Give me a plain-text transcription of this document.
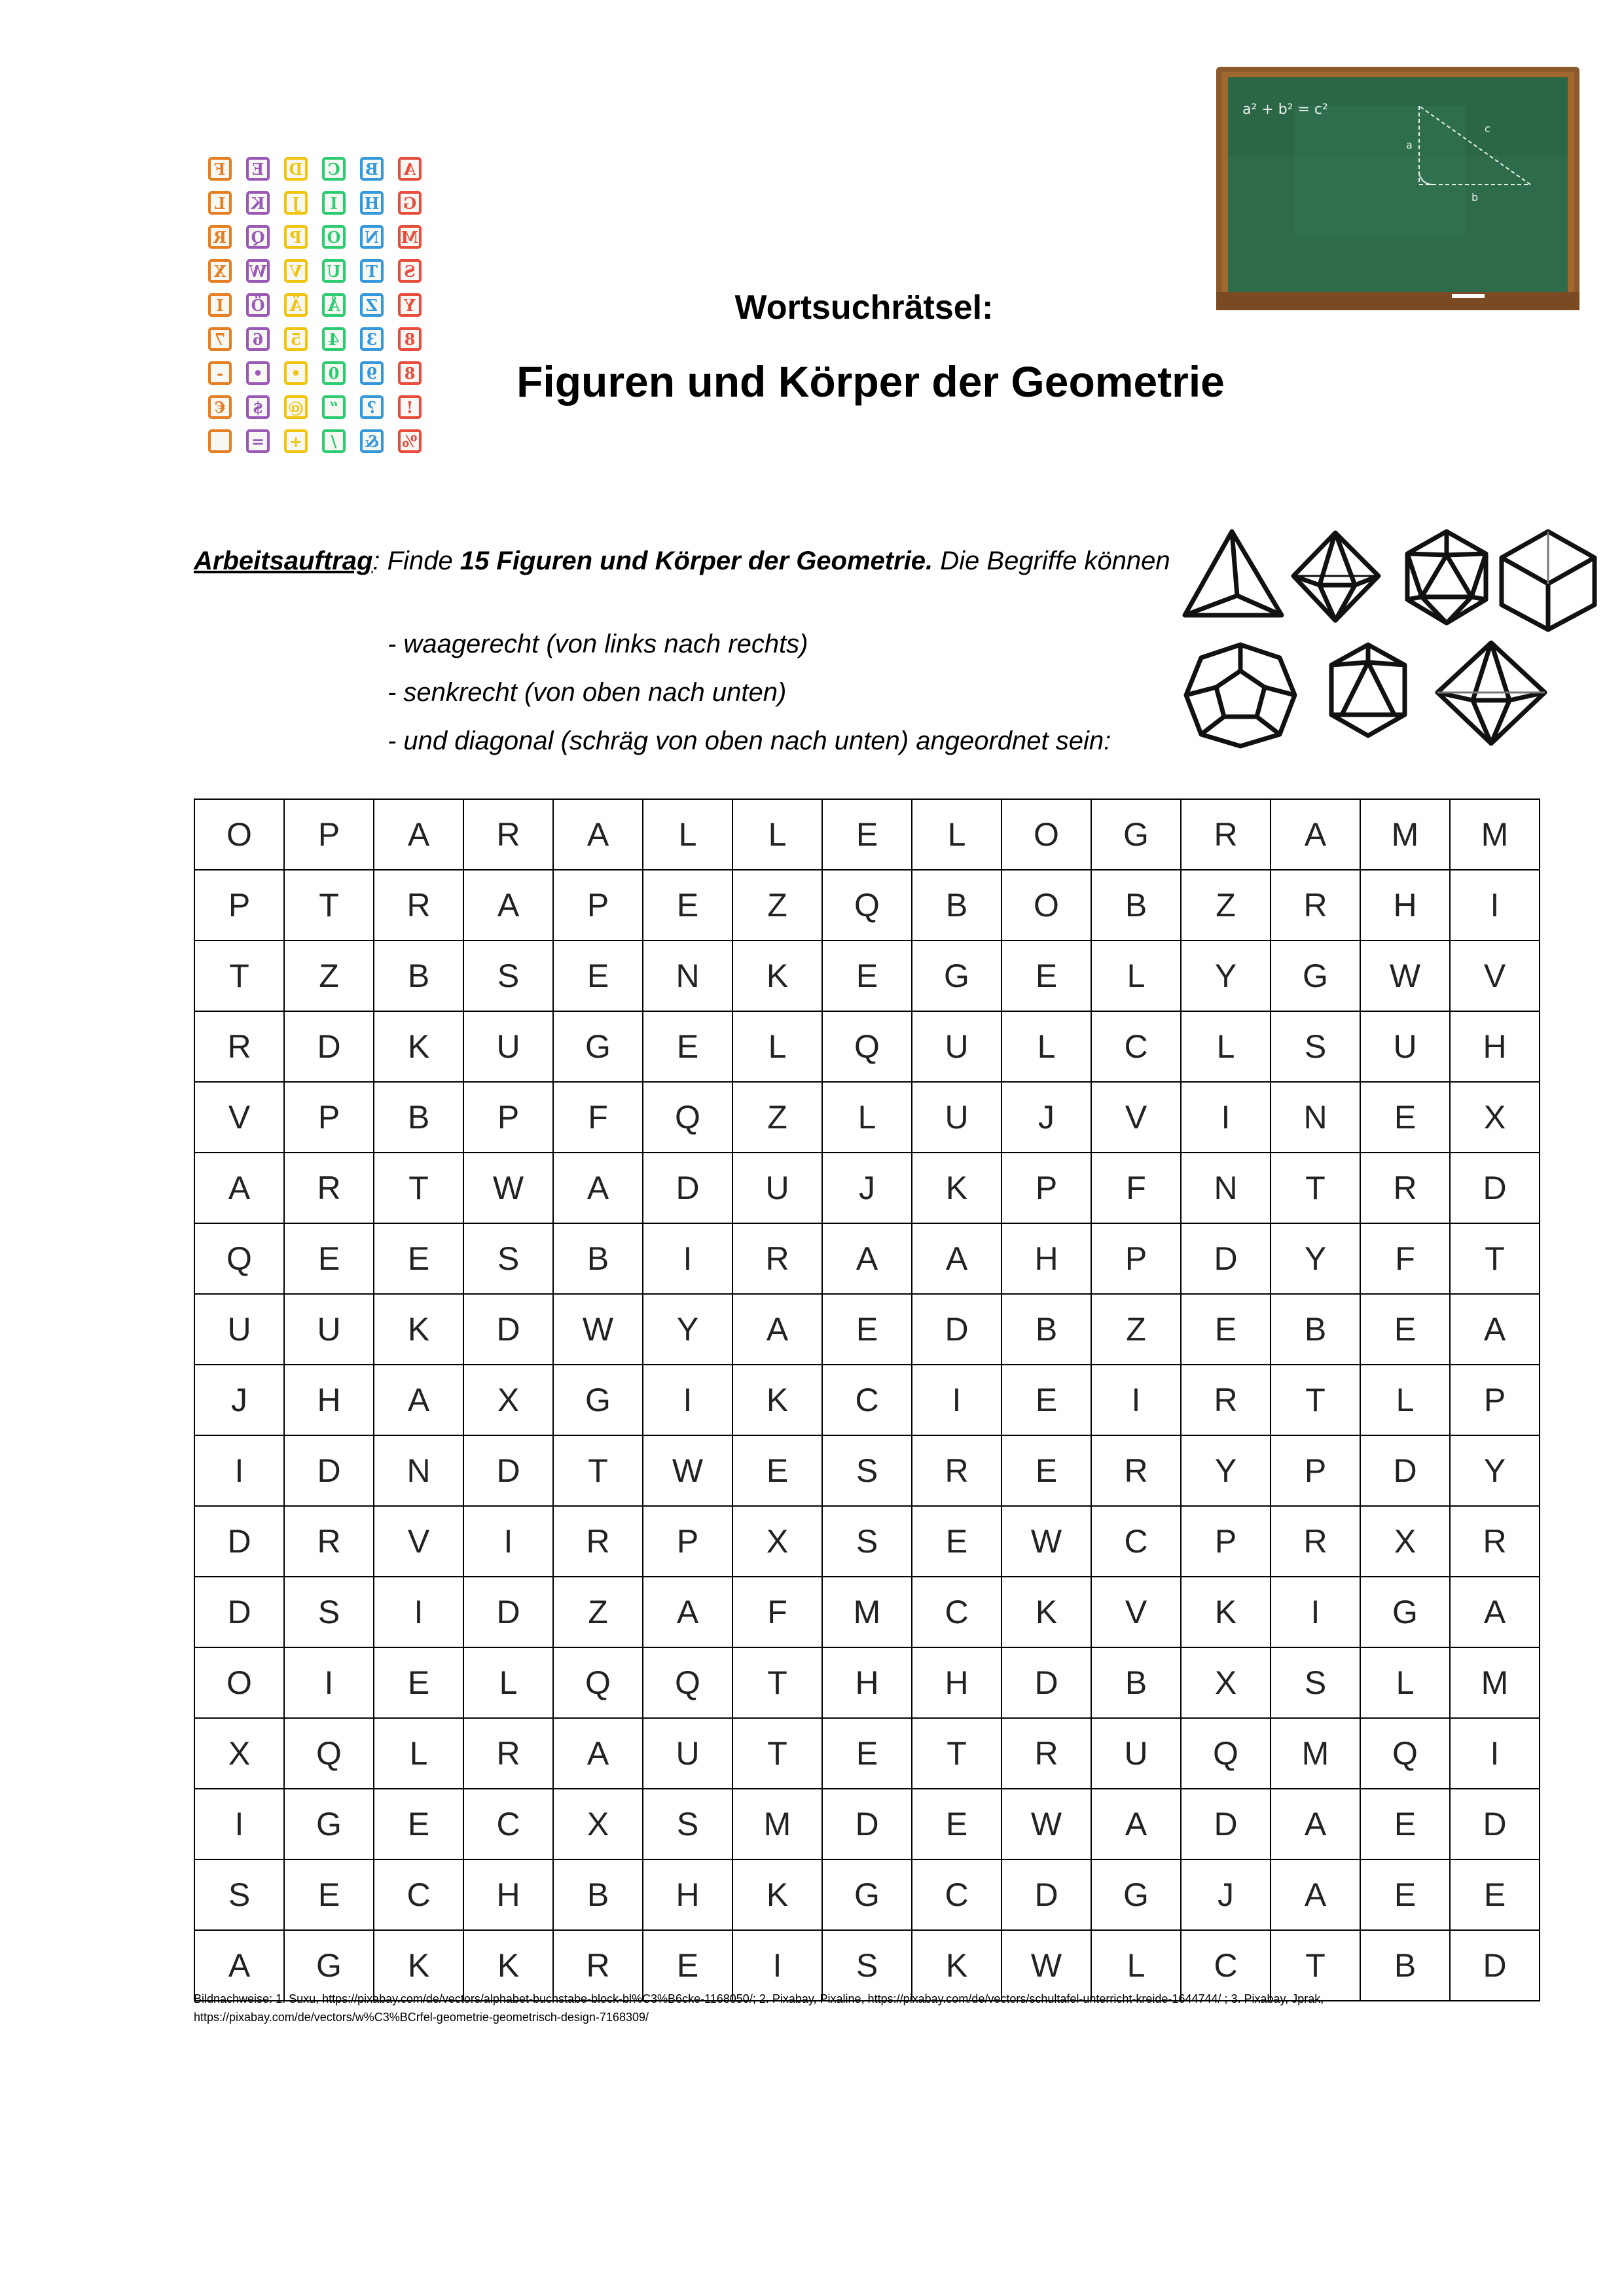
A
B
C
D
E
F
G
H
I
J
K
L
M
N
O
P
Q
R
S
T
U
V
W
X
Y
Z
Å
Ä
Ö
I
8
3
4
5
6
7
8
9
0
•
•
-
!
?
“
@
$
€
%
&
/
+
=
a² + b² = c²
a
b
c
Wortsuchrätsel:
Figuren und Körper der Geometrie
Arbeitsauftrag: Finde 15 Figuren und Körper der Geometrie. Die Begriffe können
- waagerecht (von links nach rechts)
- senkrecht (von oben nach unten)
- und diagonal (schräg von oben nach unten) angeordnet sein:
O	P	A	R	A	L	L	E	L	O	G	R	A	M	M
P	T	R	A	P	E	Z	Q	B	O	B	Z	R	H	I
T	Z	B	S	E	N	K	E	G	E	L	Y	G	W	V
R	D	K	U	G	E	L	Q	U	L	C	L	S	U	H
V	P	B	P	F	Q	Z	L	U	J	V	I	N	E	X
A	R	T	W	A	D	U	J	K	P	F	N	T	R	D
Q	E	E	S	B	I	R	A	A	H	P	D	Y	F	T
U	U	K	D	W	Y	A	E	D	B	Z	E	B	E	A
J	H	A	X	G	I	K	C	I	E	I	R	T	L	P
I	D	N	D	T	W	E	S	R	E	R	Y	P	D	Y
D	R	V	I	R	P	X	S	E	W	C	P	R	X	R
D	S	I	D	Z	A	F	M	C	K	V	K	I	G	A
O	I	E	L	Q	Q	T	H	H	D	B	X	S	L	M
X	Q	L	R	A	U	T	E	T	R	U	Q	M	Q	I
I	G	E	C	X	S	M	D	E	W	A	D	A	E	D
S	E	C	H	B	H	K	G	C	D	G	J	A	E	E
A	G	K	K	R	E	I	S	K	W	L	C	T	B	D
Bildnachweise: 1. Suxu, https://pixabay.com/de/vectors/alphabet-buchstabe-block-bl%C3%B6cke-1168050/; 2. Pixabay, Pixaline, https://pixabay.com/de/vectors/schultafel-unterricht-kreide-1644744/ ; 3. Pixabay, Jprak, https://pixabay.com/de/vectors/w%C3%BCrfel-geometrie-geometrisch-design-7168309/
